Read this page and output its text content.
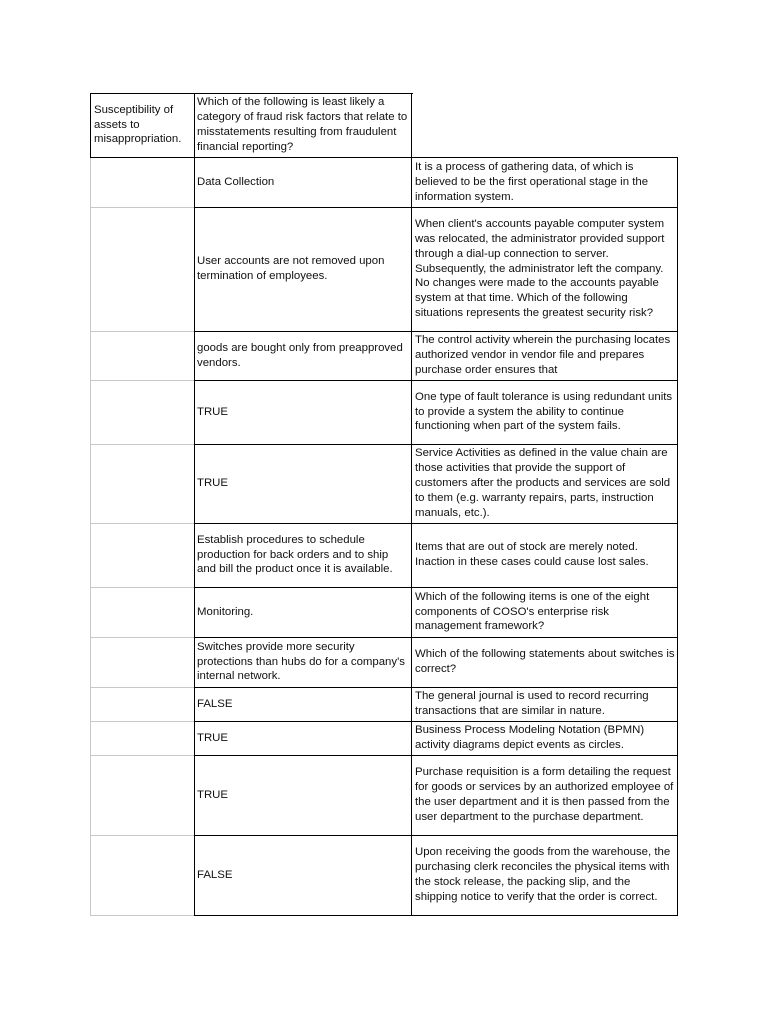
Susceptibility of assets to misappropriation.
Which of the following is least likely a category of fraud risk factors that relate to misstatements resulting from fraudulent financial reporting?
Data Collection
It is a process of gathering data, of which is believed to be the first operational stage in the information system.
User accounts are not removed upon termination of employees.
When client's accounts payable computer system was relocated, the administrator provided support through a dial-up connection to server. Subsequently, the administrator left the company. No changes were made to the accounts payable system at that time. Which of the following situations represents the greatest security risk?
goods are bought only from preapproved vendors.
The control activity wherein the purchasing locates authorized vendor in vendor file and prepares purchase order ensures that
TRUE
One type of fault tolerance is using redundant units to provide a system the ability to continue functioning when part of the system fails.
TRUE
Service Activities as defined in the value chain are those activities that provide the support of customers after the products and services are sold to them (e.g. warranty repairs, parts, instruction manuals, etc.).
Establish procedures to schedule production for back orders and to ship and bill the product once it is available.
Items that are out of stock are merely noted. Inaction in these cases could cause lost sales.
Monitoring.
Which of the following items is one of the eight components of COSO's enterprise risk management framework?
Switches provide more security protections than hubs do for a company's internal network.
Which of the following statements about switches is correct?
FALSE
The general journal is used to record recurring transactions that are similar in nature.
TRUE
Business Process Modeling Notation (BPMN) activity diagrams depict events as circles.
TRUE
Purchase requisition is a form detailing the request for goods or services by an authorized employee of the user department and it is then passed from the user department to the purchase department.
FALSE
Upon receiving the goods from the warehouse, the purchasing clerk reconciles the physical items with the stock release, the packing slip, and the shipping notice to verify that the order is correct.
